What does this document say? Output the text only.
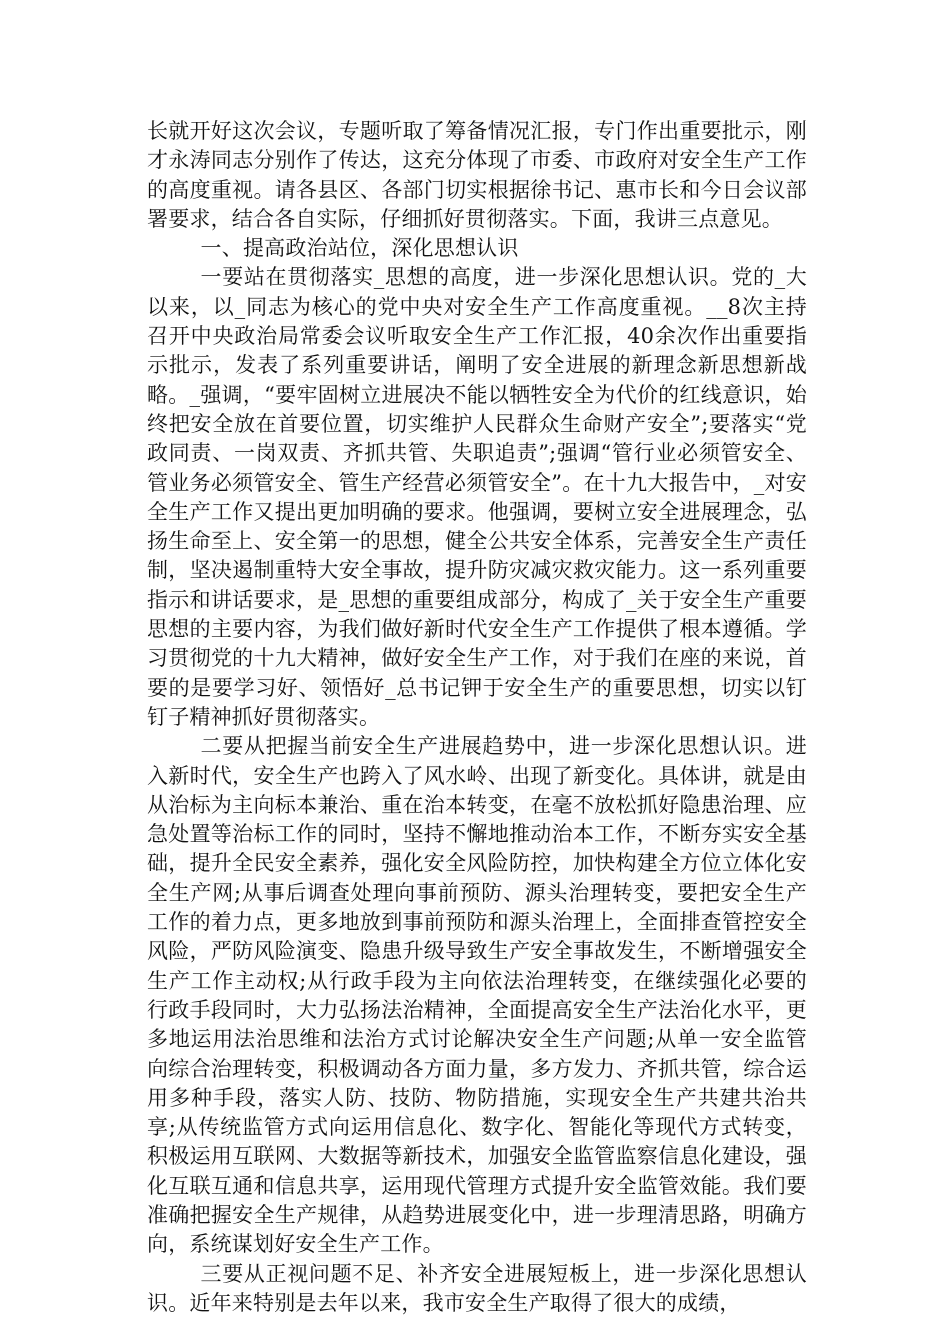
长就开好这次会议，专题听取了筹备情况汇报，专门作出重要批示，刚才永涛同志分别作了传达，这充分体现了市委、市政府对安全生产工作的高度重视。请各县区、各部门切实根据徐书记、惠市长和今日会议部署要求，结合各自实际，仔细抓好贯彻落实。下面，我讲三点意见。

一、提高政治站位，深化思想认识

一要站在贯彻落实_思想的高度，进一步深化思想认识。党的_大以来，以_同志为核心的党中央对安全生产工作高度重视。__8次主持召开中央政治局常委会议听取安全生产工作汇报，40余次作出重要指示批示，发表了系列重要讲话，阐明了安全进展的新理念新思想新战略。_强调，“要牢固树立进展决不能以牺牲安全为代价的红线意识，始终把安全放在首要位置，切实维护人民群众生命财产安全”;要落实“党政同责、一岗双责、齐抓共管、失职追责”;强调“管行业必须管安全、管业务必须管安全、管生产经营必须管安全”。在十九大报告中，_对安全生产工作又提出更加明确的要求。他强调，要树立安全进展理念，弘扬生命至上、安全第一的思想，健全公共安全体系，完善安全生产责任制，坚决遏制重特大安全事故，提升防灾减灾救灾能力。这一系列重要指示和讲话要求，是_思想的重要组成部分，构成了_关于安全生产重要思想的主要内容，为我们做好新时代安全生产工作提供了根本遵循。学习贯彻党的十九大精神，做好安全生产工作，对于我们在座的来说，首要的是要学习好、领悟好_总书记钾于安全生产的重要思想，切实以钉钉子精神抓好贯彻落实。

二要从把握当前安全生产进展趋势中，进一步深化思想认识。进入新时代，安全生产也跨入了风水岭、出现了新变化。具体讲，就是由从治标为主向标本兼治、重在治本转变，在毫不放松抓好隐患治理、应急处置等治标工作的同时，坚持不懈地推动治本工作，不断夯实安全基础，提升全民安全素养，强化安全风险防控，加快构建全方位立体化安全生产网;从事后调查处理向事前预防、源头治理转变，要把安全生产工作的着力点，更多地放到事前预防和源头治理上，全面排查管控安全风险，严防风险演变、隐患升级导致生产安全事故发生，不断增强安全生产工作主动权;从行政手段为主向依法治理转变，在继续强化必要的行政手段同时，大力弘扬法治精神，全面提高安全生产法治化水平，更多地运用法治思维和法治方式讨论解决安全生产问题;从单一安全监管向综合治理转变，积极调动各方面力量，多方发力、齐抓共管，综合运用多种手段，落实人防、技防、物防措施，实现安全生产共建共治共享;从传统监管方式向运用信息化、数字化、智能化等现代方式转变，积极运用互联网、大数据等新技术，加强安全监管监察信息化建设，强化互联互通和信息共享，运用现代管理方式提升安全监管效能。我们要准确把握安全生产规律，从趋势进展变化中，进一步理清思路，明确方向，系统谋划好安全生产工作。

三要从正视问题不足、补齐安全进展短板上，进一步深化思想认识。近年来特别是去年以来，我市安全生产取得了很大的成绩，
